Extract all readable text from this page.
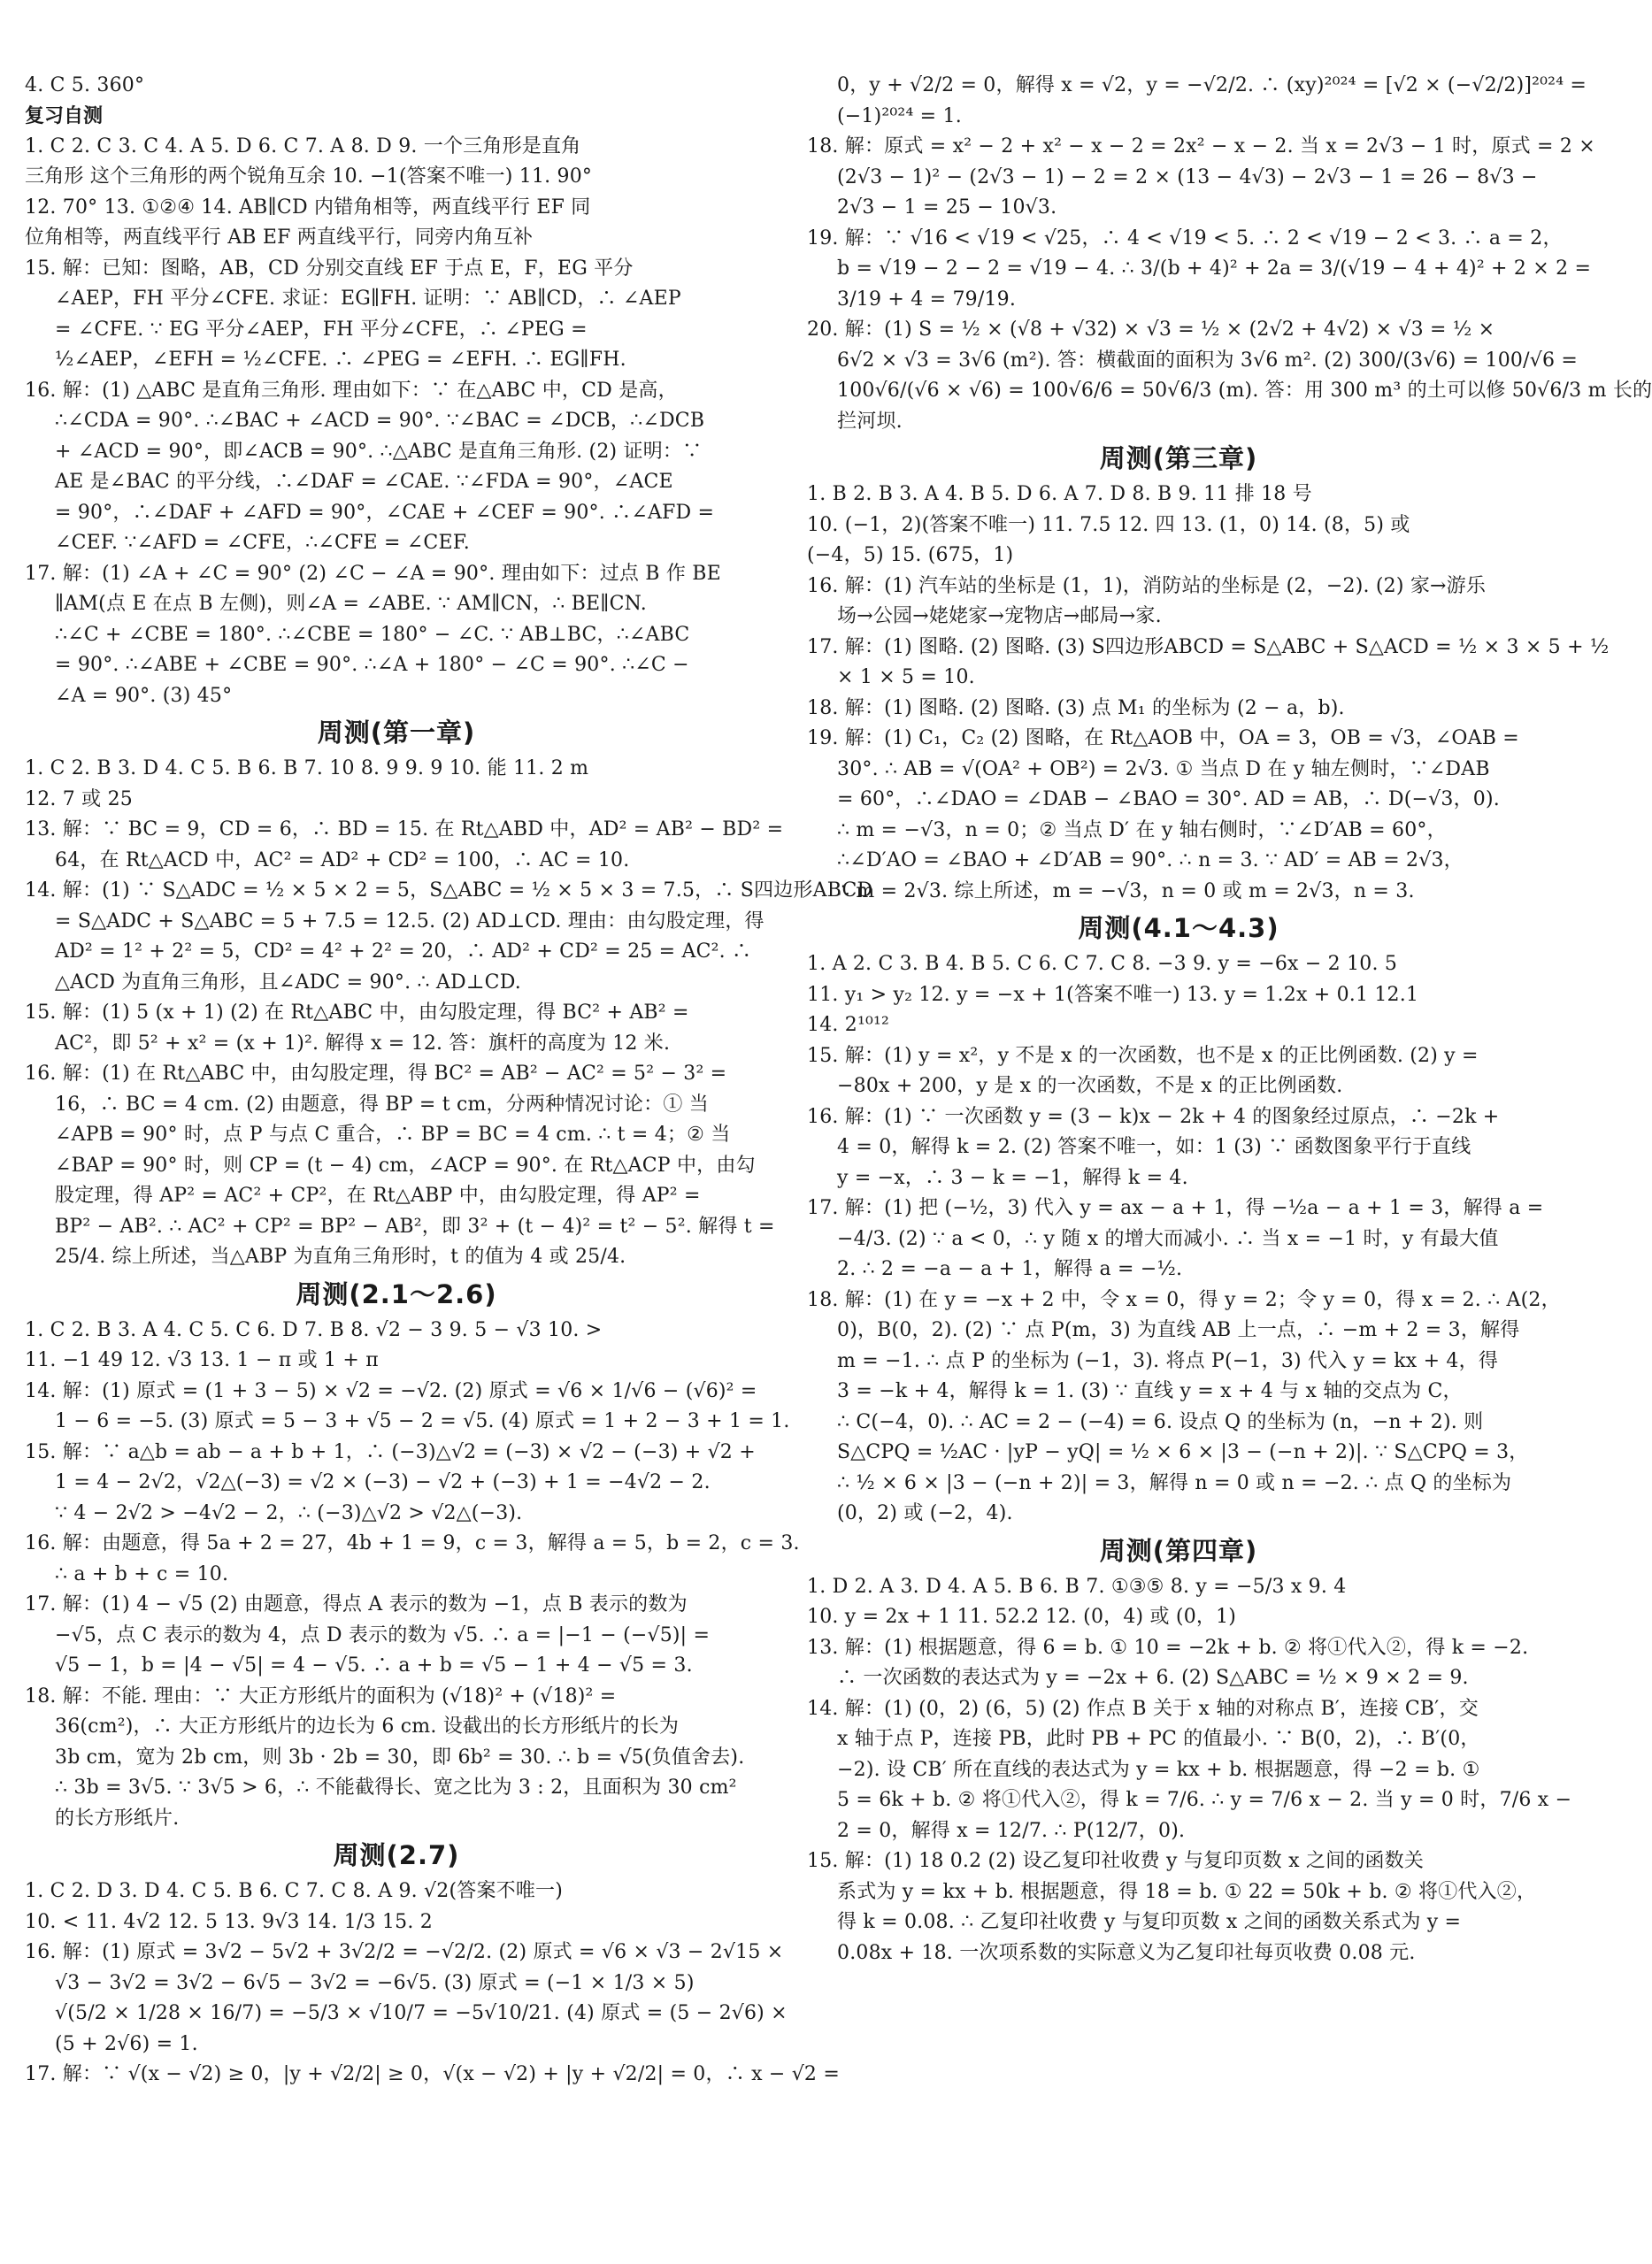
4. C 5. 360°
复习自测
1. C 2. C 3. C 4. A 5. D 6. C 7. A 8. D 9. 一个三角形是直角
三角形 这个三角形的两个锐角互余 10. −1(答案不唯一) 11. 90°
12. 70° 13. ①②④ 14. AB∥CD 内错角相等，两直线平行 EF 同
位角相等，两直线平行 AB EF 两直线平行，同旁内角互补
15. 解：已知：图略，AB，CD 分别交直线 EF 于点 E，F，EG 平分
∠AEP，FH 平分∠CFE. 求证：EG∥FH. 证明：∵ AB∥CD，∴ ∠AEP
= ∠CFE. ∵ EG 平分∠AEP，FH 平分∠CFE，∴ ∠PEG =
½∠AEP，∠EFH = ½∠CFE. ∴ ∠PEG = ∠EFH. ∴ EG∥FH.
16. 解：(1) △ABC 是直角三角形. 理由如下：∵ 在△ABC 中，CD 是高，
∴∠CDA = 90°. ∴∠BAC + ∠ACD = 90°. ∵∠BAC = ∠DCB，∴∠DCB
+ ∠ACD = 90°，即∠ACB = 90°. ∴△ABC 是直角三角形. (2) 证明：∵
AE 是∠BAC 的平分线，∴∠DAF = ∠CAE. ∵∠FDA = 90°，∠ACE
= 90°，∴∠DAF + ∠AFD = 90°，∠CAE + ∠CEF = 90°. ∴∠AFD =
∠CEF. ∵∠AFD = ∠CFE，∴∠CFE = ∠CEF.
17. 解：(1) ∠A + ∠C = 90° (2) ∠C − ∠A = 90°. 理由如下：过点 B 作 BE
∥AM(点 E 在点 B 左侧)，则∠A = ∠ABE. ∵ AM∥CN，∴ BE∥CN.
∴∠C + ∠CBE = 180°. ∴∠CBE = 180° − ∠C. ∵ AB⊥BC，∴∠ABC
= 90°. ∴∠ABE + ∠CBE = 90°. ∴∠A + 180° − ∠C = 90°. ∴∠C −
∠A = 90°. (3) 45°
周测(第一章)
1. C 2. B 3. D 4. C 5. B 6. B 7. 10 8. 9 9. 9 10. 能 11. 2 m
12. 7 或 25
13. 解：∵ BC = 9，CD = 6，∴ BD = 15. 在 Rt△ABD 中，AD² = AB² − BD² =
64，在 Rt△ACD 中，AC² = AD² + CD² = 100，∴ AC = 10.
14. 解：(1) ∵ S△ADC = ½ × 5 × 2 = 5，S△ABC = ½ × 5 × 3 = 7.5，∴ S四边形ABCD
= S△ADC + S△ABC = 5 + 7.5 = 12.5. (2) AD⊥CD. 理由：由勾股定理，得
AD² = 1² + 2² = 5，CD² = 4² + 2² = 20，∴ AD² + CD² = 25 = AC². ∴
△ACD 为直角三角形，且∠ADC = 90°. ∴ AD⊥CD.
15. 解：(1) 5 (x + 1) (2) 在 Rt△ABC 中，由勾股定理，得 BC² + AB² =
AC²，即 5² + x² = (x + 1)². 解得 x = 12. 答：旗杆的高度为 12 米.
16. 解：(1) 在 Rt△ABC 中，由勾股定理，得 BC² = AB² − AC² = 5² − 3² =
16，∴ BC = 4 cm. (2) 由题意，得 BP = t cm，分两种情况讨论：① 当
∠APB = 90° 时，点 P 与点 C 重合，∴ BP = BC = 4 cm. ∴ t = 4；② 当
∠BAP = 90° 时，则 CP = (t − 4) cm，∠ACP = 90°. 在 Rt△ACP 中，由勾
股定理，得 AP² = AC² + CP²，在 Rt△ABP 中，由勾股定理，得 AP² =
BP² − AB². ∴ AC² + CP² = BP² − AB²，即 3² + (t − 4)² = t² − 5². 解得 t =
25/4. 综上所述，当△ABP 为直角三角形时，t 的值为 4 或 25/4.
周测(2.1～2.6)
1. C 2. B 3. A 4. C 5. C 6. D 7. B 8. √2 − 3 9. 5 − √3 10. >
11. −1 49 12. √3 13. 1 − π 或 1 + π
14. 解：(1) 原式 = (1 + 3 − 5) × √2 = −√2. (2) 原式 = √6 × 1/√6 − (√6)² =
1 − 6 = −5. (3) 原式 = 5 − 3 + √5 − 2 = √5. (4) 原式 = 1 + 2 − 3 + 1 = 1.
15. 解：∵ a△b = ab − a + b + 1，∴ (−3)△√2 = (−3) × √2 − (−3) + √2 +
1 = 4 − 2√2，√2△(−3) = √2 × (−3) − √2 + (−3) + 1 = −4√2 − 2.
∵ 4 − 2√2 > −4√2 − 2，∴ (−3)△√2 > √2△(−3).
16. 解：由题意，得 5a + 2 = 27，4b + 1 = 9，c = 3，解得 a = 5，b = 2，c = 3.
∴ a + b + c = 10.
17. 解：(1) 4 − √5 (2) 由题意，得点 A 表示的数为 −1，点 B 表示的数为
−√5，点 C 表示的数为 4，点 D 表示的数为 √5. ∴ a = |−1 − (−√5)| =
√5 − 1，b = |4 − √5| = 4 − √5. ∴ a + b = √5 − 1 + 4 − √5 = 3.
18. 解：不能. 理由：∵ 大正方形纸片的面积为 (√18)² + (√18)² =
36(cm²)，∴ 大正方形纸片的边长为 6 cm. 设截出的长方形纸片的长为
3b cm，宽为 2b cm，则 3b · 2b = 30，即 6b² = 30. ∴ b = √5(负值舍去).
∴ 3b = 3√5. ∵ 3√5 > 6，∴ 不能截得长、宽之比为 3 : 2，且面积为 30 cm²
的长方形纸片.
周测(2.7)
1. C 2. D 3. D 4. C 5. B 6. C 7. C 8. A 9. √2(答案不唯一)
10. < 11. 4√2 12. 5 13. 9√3 14. 1/3 15. 2
16. 解：(1) 原式 = 3√2 − 5√2 + 3√2/2 = −√2/2. (2) 原式 = √6 × √3 − 2√15 ×
√3 − 3√2 = 3√2 − 6√5 − 3√2 = −6√5. (3) 原式 = (−1 × 1/3 × 5)
√(5/2 × 1/28 × 16/7) = −5/3 × √10/7 = −5√10/21. (4) 原式 = (5 − 2√6) ×
(5 + 2√6) = 1.
17. 解：∵ √(x − √2) ≥ 0，|y + √2/2| ≥ 0，√(x − √2) + |y + √2/2| = 0，∴ x − √2 =
0，y + √2/2 = 0，解得 x = √2，y = −√2/2. ∴ (xy)²⁰²⁴ = [√2 × (−√2/2)]²⁰²⁴ =
(−1)²⁰²⁴ = 1.
18. 解：原式 = x² − 2 + x² − x − 2 = 2x² − x − 2. 当 x = 2√3 − 1 时，原式 = 2 ×
(2√3 − 1)² − (2√3 − 1) − 2 = 2 × (13 − 4√3) − 2√3 − 1 = 26 − 8√3 −
2√3 − 1 = 25 − 10√3.
19. 解：∵ √16 < √19 < √25，∴ 4 < √19 < 5. ∴ 2 < √19 − 2 < 3. ∴ a = 2，
b = √19 − 2 − 2 = √19 − 4. ∴ 3/(b + 4)² + 2a = 3/(√19 − 4 + 4)² + 2 × 2 =
3/19 + 4 = 79/19.
20. 解：(1) S = ½ × (√8 + √32) × √3 = ½ × (2√2 + 4√2) × √3 = ½ ×
6√2 × √3 = 3√6 (m²). 答：横截面的面积为 3√6 m². (2) 300/(3√6) = 100/√6 =
100√6/(√6 × √6) = 100√6/6 = 50√6/3 (m). 答：用 300 m³ 的土可以修 50√6/3 m 长的
拦河坝.
周测(第三章)
1. B 2. B 3. A 4. B 5. D 6. A 7. D 8. B 9. 11 排 18 号
10. (−1，2)(答案不唯一) 11. 7.5 12. 四 13. (1，0) 14. (8，5) 或
(−4，5) 15. (675，1)
16. 解：(1) 汽车站的坐标是 (1，1)，消防站的坐标是 (2，−2). (2) 家→游乐
场→公园→姥姥家→宠物店→邮局→家.
17. 解：(1) 图略. (2) 图略. (3) S四边形ABCD = S△ABC + S△ACD = ½ × 3 × 5 + ½
× 1 × 5 = 10.
18. 解：(1) 图略. (2) 图略. (3) 点 M₁ 的坐标为 (2 − a，b).
19. 解：(1) C₁，C₂ (2) 图略，在 Rt△AOB 中，OA = 3，OB = √3，∠OAB =
30°. ∴ AB = √(OA² + OB²) = 2√3. ① 当点 D 在 y 轴左侧时，∵∠DAB
= 60°，∴∠DAO = ∠DAB − ∠BAO = 30°. AD = AB，∴ D(−√3，0).
∴ m = −√3，n = 0；② 当点 D′ 在 y 轴右侧时，∵∠D′AB = 60°，
∴∠D′AO = ∠BAO + ∠D′AB = 90°. ∴ n = 3. ∵ AD′ = AB = 2√3，
∴ m = 2√3. 综上所述，m = −√3，n = 0 或 m = 2√3，n = 3.
周测(4.1～4.3)
1. A 2. C 3. B 4. B 5. C 6. C 7. C 8. −3 9. y = −6x − 2 10. 5
11. y₁ > y₂ 12. y = −x + 1(答案不唯一) 13. y = 1.2x + 0.1 12.1
14. 2¹⁰¹²
15. 解：(1) y = x²，y 不是 x 的一次函数，也不是 x 的正比例函数. (2) y =
−80x + 200，y 是 x 的一次函数，不是 x 的正比例函数.
16. 解：(1) ∵ 一次函数 y = (3 − k)x − 2k + 4 的图象经过原点，∴ −2k +
4 = 0，解得 k = 2. (2) 答案不唯一，如：1 (3) ∵ 函数图象平行于直线
y = −x，∴ 3 − k = −1，解得 k = 4.
17. 解：(1) 把 (−½，3) 代入 y = ax − a + 1，得 −½a − a + 1 = 3，解得 a =
−4/3. (2) ∵ a < 0，∴ y 随 x 的增大而减小. ∴ 当 x = −1 时，y 有最大值
2. ∴ 2 = −a − a + 1，解得 a = −½.
18. 解：(1) 在 y = −x + 2 中，令 x = 0，得 y = 2；令 y = 0，得 x = 2. ∴ A(2，
0)，B(0，2). (2) ∵ 点 P(m，3) 为直线 AB 上一点，∴ −m + 2 = 3，解得
m = −1. ∴ 点 P 的坐标为 (−1，3). 将点 P(−1，3) 代入 y = kx + 4，得
3 = −k + 4，解得 k = 1. (3) ∵ 直线 y = x + 4 与 x 轴的交点为 C，
∴ C(−4，0). ∴ AC = 2 − (−4) = 6. 设点 Q 的坐标为 (n，−n + 2). 则
S△CPQ = ½AC · |yP − yQ| = ½ × 6 × |3 − (−n + 2)|. ∵ S△CPQ = 3，
∴ ½ × 6 × |3 − (−n + 2)| = 3，解得 n = 0 或 n = −2. ∴ 点 Q 的坐标为
(0，2) 或 (−2，4).
周测(第四章)
1. D 2. A 3. D 4. A 5. B 6. B 7. ①③⑤ 8. y = −5/3 x 9. 4
10. y = 2x + 1 11. 52.2 12. (0，4) 或 (0，1)
13. 解：(1) 根据题意，得 6 = b. ① 10 = −2k + b. ② 将①代入②，得 k = −2.
∴ 一次函数的表达式为 y = −2x + 6. (2) S△ABC = ½ × 9 × 2 = 9.
14. 解：(1) (0，2) (6，5) (2) 作点 B 关于 x 轴的对称点 B′，连接 CB′，交
x 轴于点 P，连接 PB，此时 PB + PC 的值最小. ∵ B(0，2)，∴ B′(0，
−2). 设 CB′ 所在直线的表达式为 y = kx + b. 根据题意，得 −2 = b. ①
5 = 6k + b. ② 将①代入②，得 k = 7/6. ∴ y = 7/6 x − 2. 当 y = 0 时，7/6 x −
2 = 0，解得 x = 12/7. ∴ P(12/7，0).
15. 解：(1) 18 0.2 (2) 设乙复印社收费 y 与复印页数 x 之间的函数关
系式为 y = kx + b. 根据题意，得 18 = b. ① 22 = 50k + b. ② 将①代入②，
得 k = 0.08. ∴ 乙复印社收费 y 与复印页数 x 之间的函数关系式为 y =
0.08x + 18. 一次项系数的实际意义为乙复印社每页收费 0.08 元.
